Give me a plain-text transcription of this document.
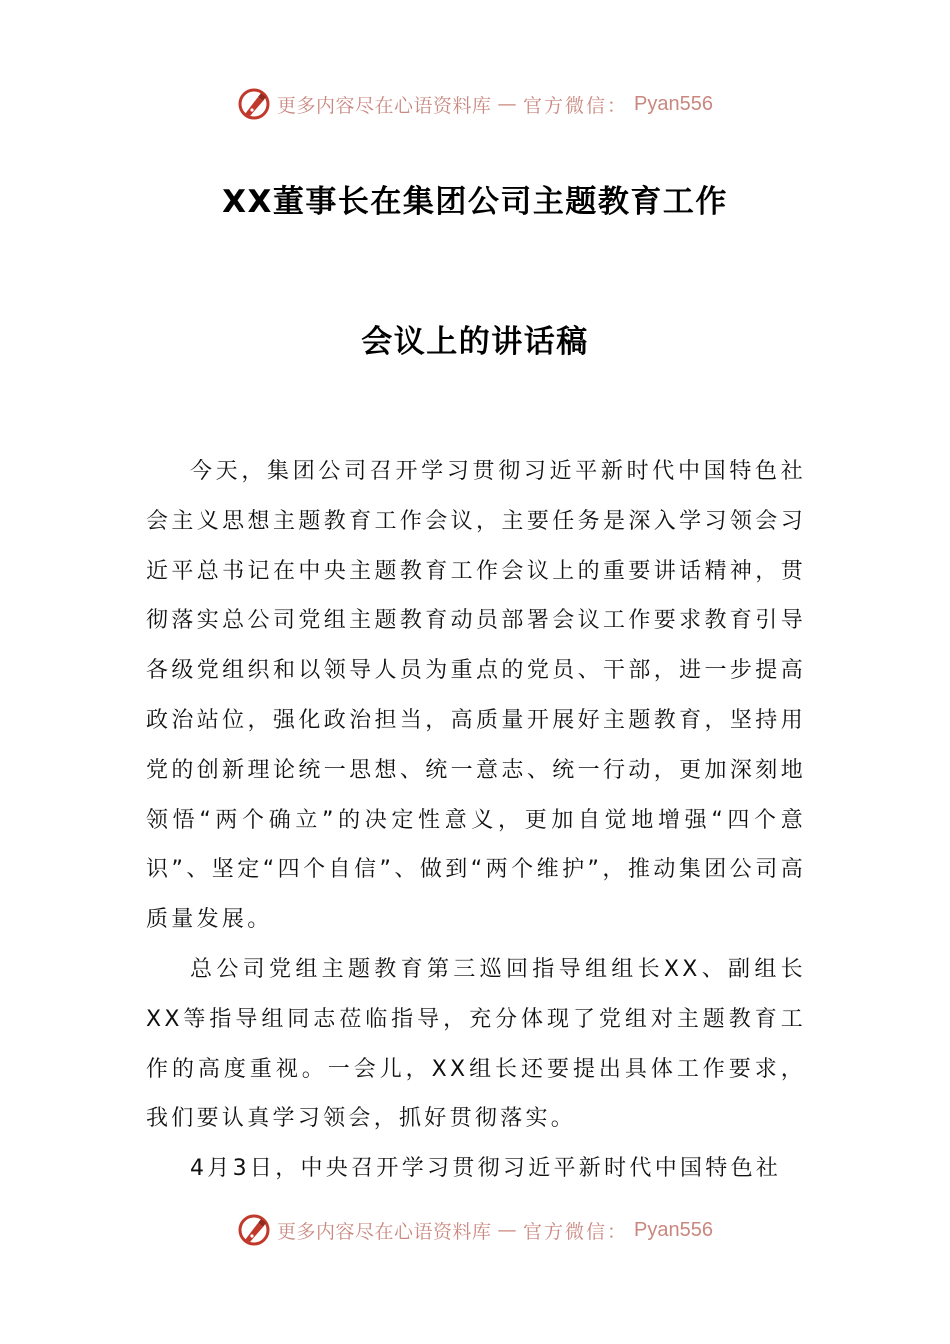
更多内容尽在心语资料库 — 官方微信： Pyan556
XX董事长在集团公司主题教育工作
会议上的讲话稿

今天，集团公司召开学习贯彻习近平新时代中国特色社会主义思想主题教育工作会议，主要任务是深入学习领会习近平总书记在中央主题教育工作会议上的重要讲话精神，贯彻落实总公司党组主题教育动员部署会议工作要求教育引导各级党组织和以领导人员为重点的党员、干部，进一步提高政治站位，强化政治担当，高质量开展好主题教育，坚持用党的创新理论统一思想、统一意志、统一行动，更加深刻地领悟“两个确立”的决定性意义，更加自觉地增强“四个意识”、坚定“四个自信”、做到“两个维护”，推动集团公司高质量发展。

总公司党组主题教育第三巡回指导组组长XX、副组长XX等指导组同志莅临指导，充分体现了党组对主题教育工作的高度重视。一会儿，XX组长还要提出具体工作要求，我们要认真学习领会，抓好贯彻落实。

4月3日，中央召开学习贯彻习近平新时代中国特色社

更多内容尽在心语资料库 — 官方微信： Pyan556
